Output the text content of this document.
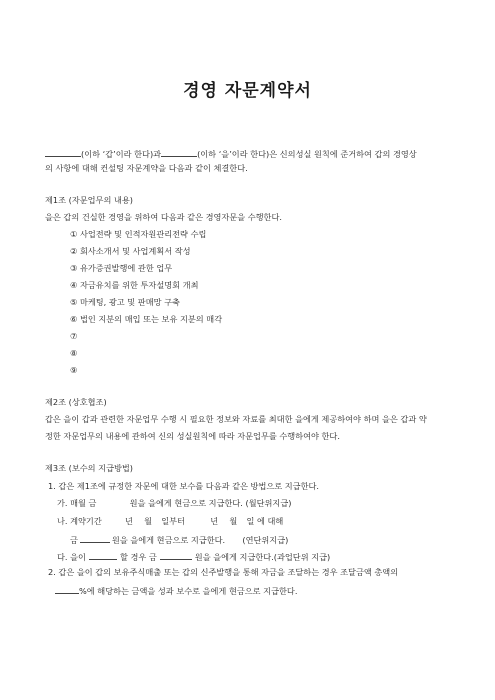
경영 자문계약서
(이하 ‘갑’이라 한다)과	(이하 ‘을’이라 한다)은 신의성실 원칙에 준거하여 갑의 경영상
의 사항에 대해 컨설팅 자문계약을 다음과 같이 체결한다.
제1조 (자문업무의 내용)
을은 갑의 건실한 경영을 위하여 다음과 같은 경영자문을 수행한다.
① 사업전략 및 인적자원관리전략 수립
② 회사소개서 및 사업계획서 작성
③ 유가증권발행에 관한 업무
④ 자금유치를 위한 투자설명회 개최
⑤ 마케팅, 광고 및 판매망 구축
⑥ 법인 지분의 매입 또는 보유 지분의 매각
⑦
⑧
⑨
제2조 (상호협조)
갑은 을이 갑과 관련한 자문업무 수행 시 필요한 정보와 자료를 최대한 을에게 제공하여야 하며 을은 갑과 약
정한 자문업무의 내용에 관하여 신의 성실원칙에 따라 자문업무를 수행하여야 한다.
제3조 (보수의 지급방법)
1. 갑은 제1조에 규정한 자문에 대한 보수를 다음과 같은 방법으로 지급한다.
가. 매월 금	원을 을에게 현금으로 지급한다. (월단위지급)
나. 계약기간	년 월 일부터	년 월 일 에 대해
금	원을 을에게 현금으로 지급한다. (연단위지급)
다. 을이	할 경우 금	원을 을에게 지급한다.(과업단위 지급)
2. 갑은 을이 갑의 보유주식매출 또는 갑의 신주발행을 통해 자금을 조달하는 경우 조달금액 총액의
%에 해당하는 금액을 성과 보수로 을에게 현금으로 지급한다.
